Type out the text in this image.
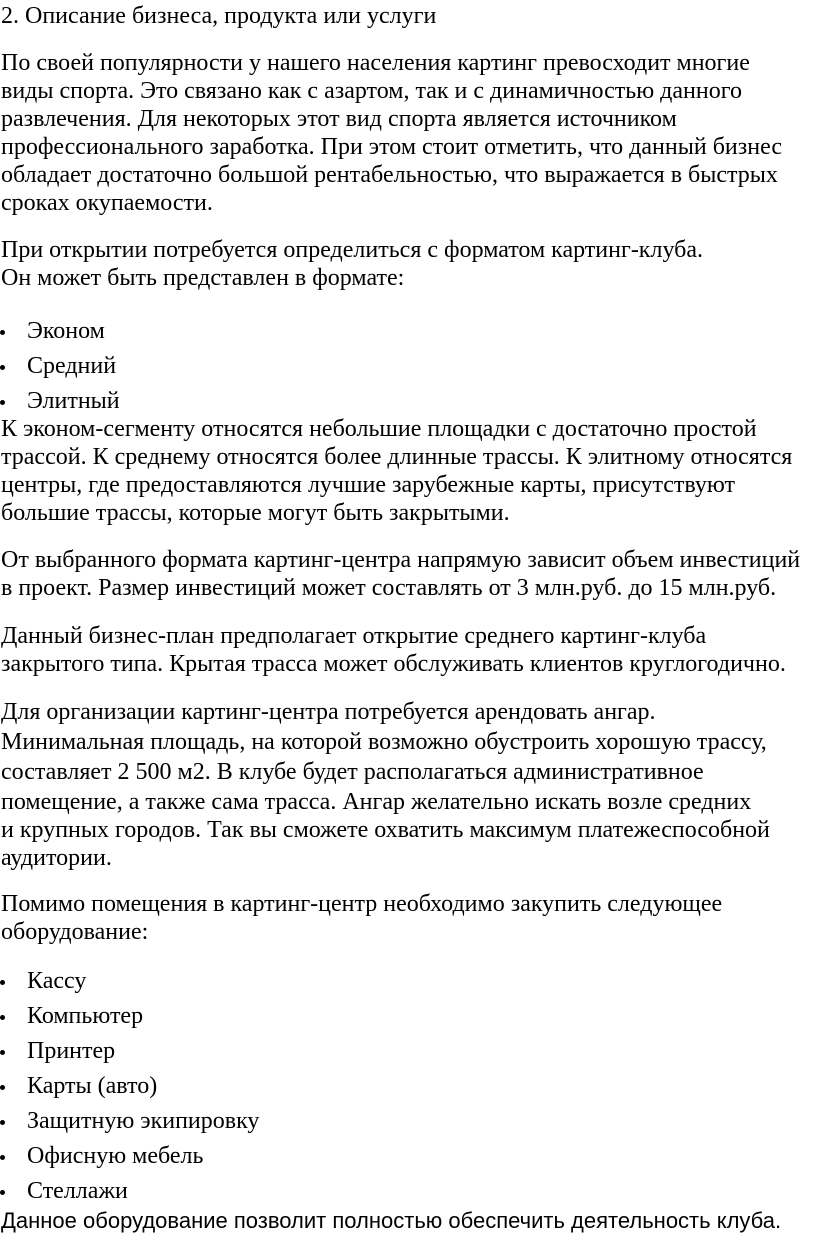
2. Описание бизнеса, продукта или услуги
По своей популярности у нашего населения картинг превосходит многие
виды спорта. Это связано как с азартом, так и с динамичностью данного
развлечения. Для некоторых этот вид спорта является источником
профессионального заработка. При этом стоит отметить, что данный бизнес
обладает достаточно большой рентабельностью, что выражается в быстрых
сроках окупаемости.
При открытии потребуется определиться с форматом картинг-клуба.
Он может быть представлен в формате:
Эконом
Средний
Элитный
К эконом-сегменту относятся небольшие площадки с достаточно простой
трассой. К среднему относятся более длинные трассы. К элитному относятся
центры, где предоставляются лучшие зарубежные карты, присутствуют
большие трассы, которые могут быть закрытыми.
От выбранного формата картинг-центра напрямую зависит объем инвестиций
в проект. Размер инвестиций может составлять от 3 млн.руб. до 15 млн.руб.
Данный бизнес-план предполагает открытие среднего картинг-клуба
закрытого типа. Крытая трасса может обслуживать клиентов круглогодично.
Для организации картинг-центра потребуется арендовать ангар.
Минимальная площадь, на которой возможно обустроить хорошую трассу,
составляет 2 500 м2. В клубе будет располагаться административное
помещение, а также сама трасса. Ангар желательно искать возле средних
и крупных городов. Так вы сможете охватить максимум платежеспособной
аудитории.
Помимо помещения в картинг-центр необходимо закупить следующее
оборудование:
Кассу
Компьютер
Принтер
Карты (авто)
Защитную экипировку
Офисную мебель
Стеллажи
Данное оборудование позволит полностью обеспечить деятельность клуба.
